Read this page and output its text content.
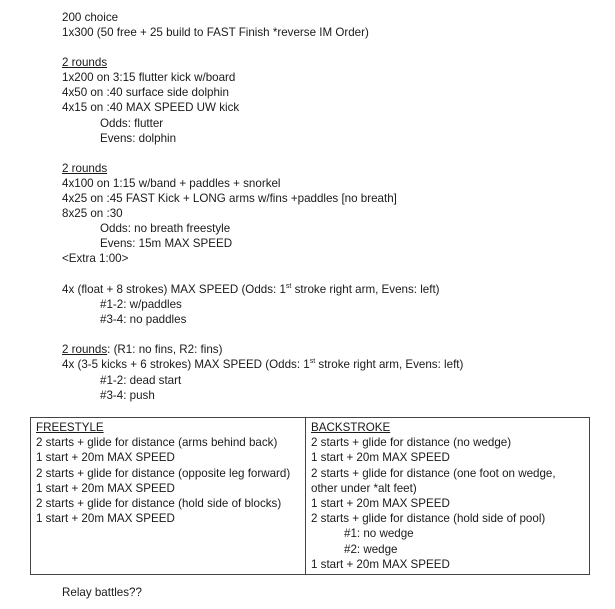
200 choice
1x300 (50 free + 25 build to FAST Finish *reverse IM Order)
2 rounds
1x200 on 3:15 flutter kick w/board
4x50 on :40 surface side dolphin
4x15 on :40 MAX SPEED UW kick
Odds: flutter
Evens: dolphin
2 rounds
4x100 on 1:15 w/band + paddles + snorkel
4x25 on :45 FAST Kick + LONG arms w/fins +paddles [no breath]
8x25 on :30
Odds: no breath freestyle
Evens: 15m MAX SPEED
<Extra 1:00>
4x (float + 8 strokes) MAX SPEED (Odds: 1st stroke right arm, Evens: left)
#1-2: w/paddles
#3-4: no paddles
2 rounds: (R1: no fins, R2: fins)
4x (3-5 kicks + 6 strokes) MAX SPEED (Odds: 1st stroke right arm, Evens: left)
#1-2: dead start
#3-4: push
FREESTYLE
2 starts + glide for distance (arms behind back)
1 start + 20m MAX SPEED
2 starts + glide for distance (opposite leg forward)
1 start + 20m MAX SPEED
2 starts + glide for distance (hold side of blocks)
1 start + 20m MAX SPEED

BACKSTROKE
2 starts + glide for distance (no wedge)
1 start + 20m MAX SPEED
2 starts + glide for distance (one foot on wedge,
other under *alt feet)
1 start + 20m MAX SPEED
2 starts + glide for distance (hold side of pool)
#1: no wedge
#2: wedge
1 start + 20m MAX SPEED
Relay battles??
